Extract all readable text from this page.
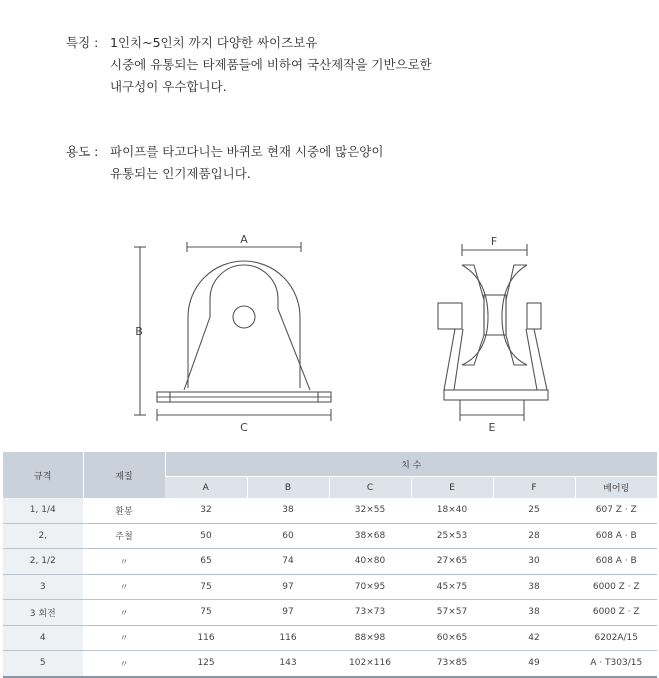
특징 : 1인치~5인치 까지 다양한 싸이즈보유
시중에 유통되는 타제품들에 비하여 국산제작을 기반으로한
내구성이 우수합니다.
용도 : 파이프를 타고다니는 바퀴로 현재 시중에 많은양이
유통되는 인기제품입니다.
A
B
C
F
E
규격	재질	치 수					
		A	B	C	E	F	베어링
1, 1/4	환봉	32	38	32×55	18×40	25	607 Z · Z
2,	주철	50	60	38×68	25×53	28	608 A · B
2, 1/2	〃	65	74	40×80	27×65	30	608 A · B
3	〃	75	97	70×95	45×75	38	6000 Z · Z
3 회전	〃	75	97	73×73	57×57	38	6000 Z · Z
4	〃	116	116	88×98	60×65	42	6202A/15
5	〃	125	143	102×116	73×85	49	A · T303/15
